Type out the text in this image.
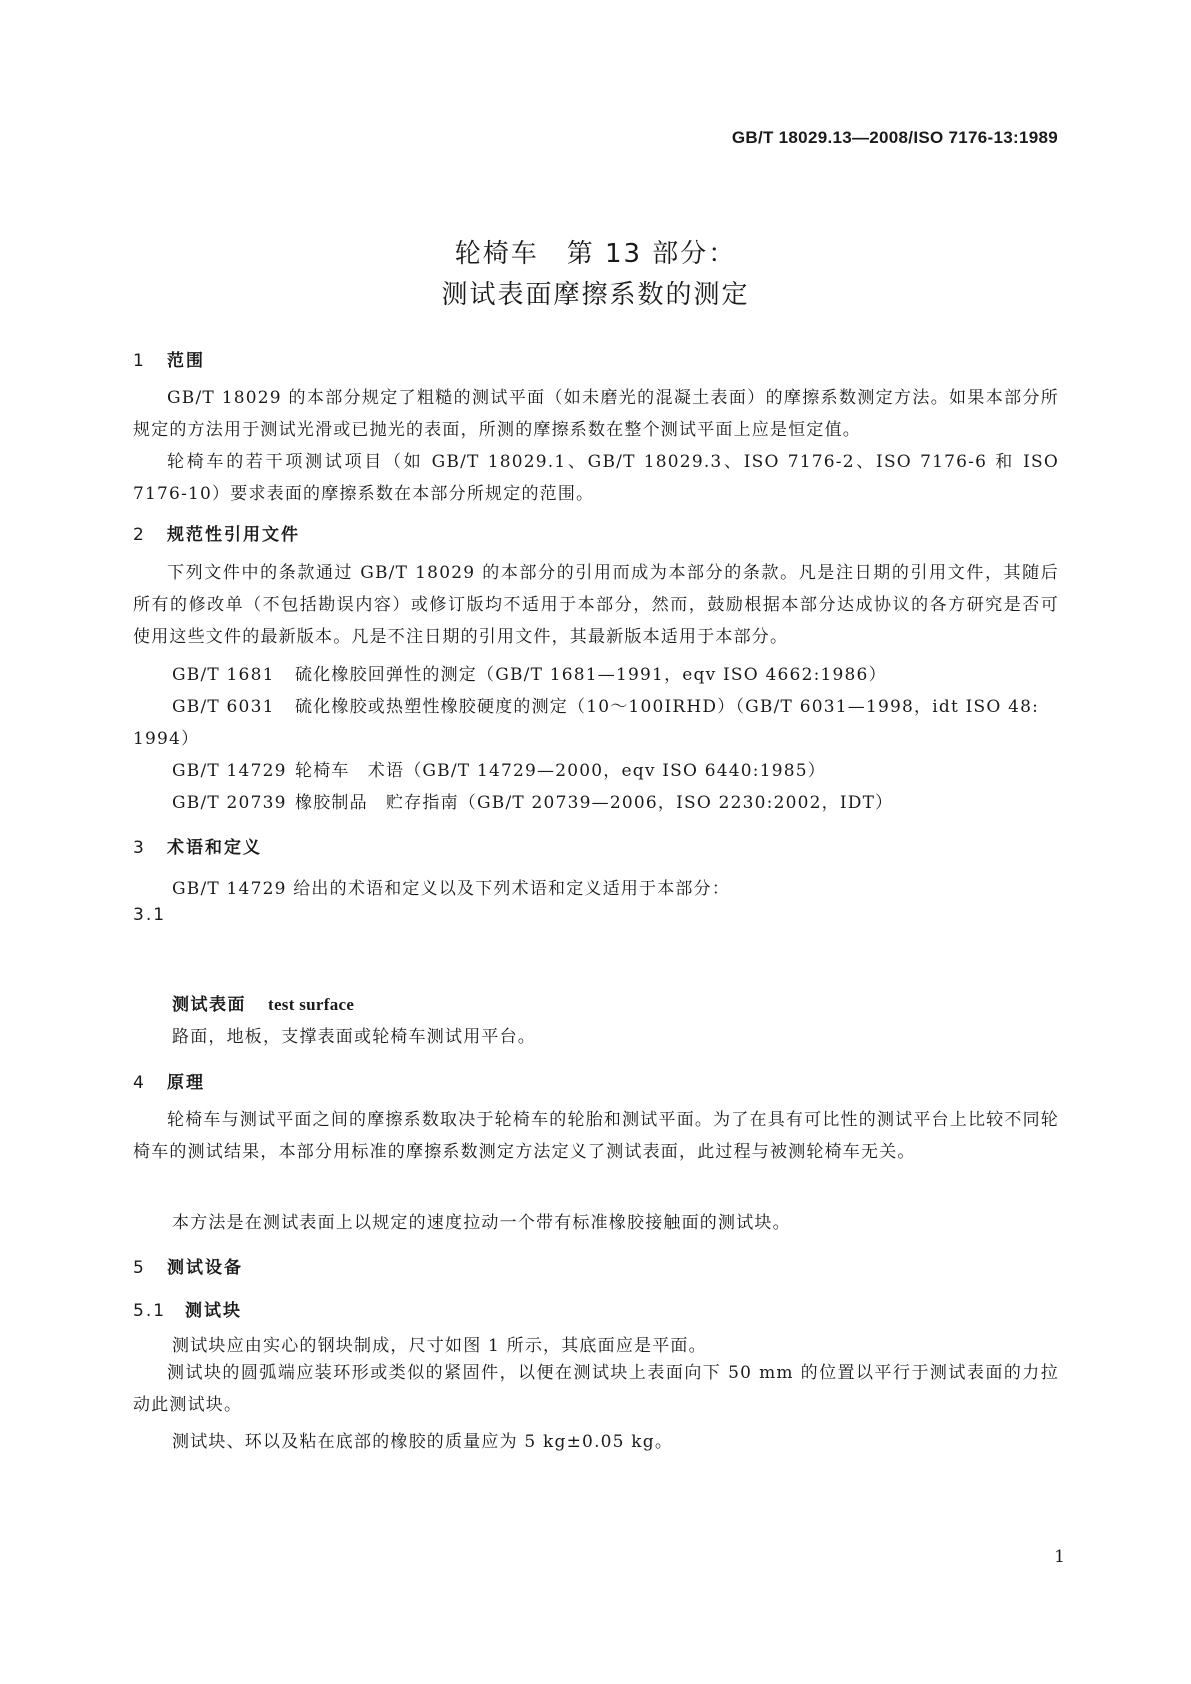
GB/T 18029.13—2008/ISO 7176-13:1989
轮椅车　第 13 部分：
测试表面摩擦系数的测定
1 范围
GB/T 18029 的本部分规定了粗糙的测试平面（如未磨光的混凝土表面）的摩擦系数测定方法。如果本部分所规定的方法用于测试光滑或已抛光的表面，所测的摩擦系数在整个测试平面上应是恒定值。
轮椅车的若干项测试项目（如 GB/T 18029.1、GB/T 18029.3、ISO 7176-2、ISO 7176-6 和 ISO 7176-10）要求表面的摩擦系数在本部分所规定的范围。
2 规范性引用文件
下列文件中的条款通过 GB/T 18029 的本部分的引用而成为本部分的条款。凡是注日期的引用文件，其随后所有的修改单（不包括勘误内容）或修订版均不适用于本部分，然而，鼓励根据本部分达成协议的各方研究是否可使用这些文件的最新版本。凡是不注日期的引用文件，其最新版本适用于本部分。
GB/T 1681 硫化橡胶回弹性的测定（GB/T 1681—1991，eqv ISO 4662:1986）
GB/T 6031 硫化橡胶或热塑性橡胶硬度的测定（10～100IRHD）（GB/T 6031—1998，idt ISO 48:
1994）
GB/T 14729 轮椅车　术语（GB/T 14729—2000，eqv ISO 6440:1985）
GB/T 20739 橡胶制品　贮存指南（GB/T 20739—2006，ISO 2230:2002，IDT）
3 术语和定义
GB/T 14729 给出的术语和定义以及下列术语和定义适用于本部分：
3.1
测试表面 test surface
路面，地板，支撑表面或轮椅车测试用平台。
4 原理
轮椅车与测试平面之间的摩擦系数取决于轮椅车的轮胎和测试平面。为了在具有可比性的测试平台上比较不同轮椅车的测试结果，本部分用标准的摩擦系数测定方法定义了测试表面，此过程与被测轮椅车无关。
本方法是在测试表面上以规定的速度拉动一个带有标准橡胶接触面的测试块。
5 测试设备
5.1 测试块
测试块应由实心的钢块制成，尺寸如图 1 所示，其底面应是平面。
测试块的圆弧端应装环形或类似的紧固件，以便在测试块上表面向下 50 mm 的位置以平行于测试表面的力拉动此测试块。
测试块、环以及粘在底部的橡胶的质量应为 5 kg±0.05 kg。
1
